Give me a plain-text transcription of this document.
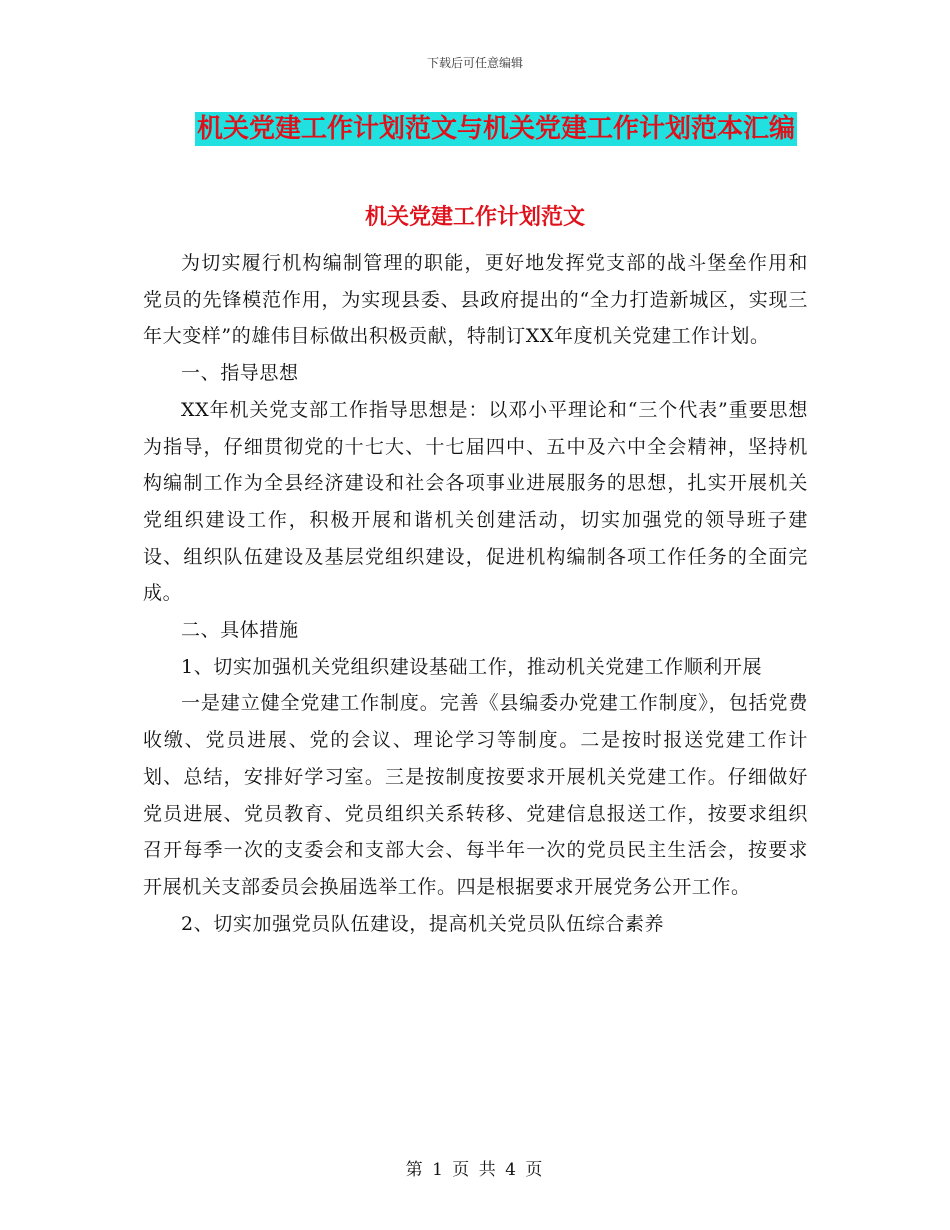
下载后可任意编辑
机关党建工作计划范文与机关党建工作计划范本汇编
机关党建工作计划范文

为切实履行机构编制管理的职能，更好地发挥党支部的战斗堡垒作用和党员的先锋模范作用，为实现县委、县政府提出的“全力打造新城区，实现三年大变样”的雄伟目标做出积极贡献，特制订XX年度机关党建工作计划。

一、指导思想

XX年机关党支部工作指导思想是：以邓小平理论和“三个代表”重要思想为指导，仔细贯彻党的十七大、十七届四中、五中及六中全会精神，坚持机构编制工作为全县经济建设和社会各项事业进展服务的思想，扎实开展机关党组织建设工作，积极开展和谐机关创建活动，切实加强党的领导班子建设、组织队伍建设及基层党组织建设，促进机构编制各项工作任务的全面完成。

二、具体措施

1、切实加强机关党组织建设基础工作，推动机关党建工作顺利开展

一是建立健全党建工作制度。完善《县编委办党建工作制度》，包括党费收缴、党员进展、党的会议、理论学习等制度。二是按时报送党建工作计划、总结，安排好学习室。三是按制度按要求开展机关党建工作。仔细做好党员进展、党员教育、党员组织关系转移、党建信息报送工作，按要求组织召开每季一次的支委会和支部大会、每半年一次的党员民主生活会，按要求开展机关支部委员会换届选举工作。四是根据要求开展党务公开工作。

2、切实加强党员队伍建设，提高机关党员队伍综合素养

第 1 页 共 4 页
